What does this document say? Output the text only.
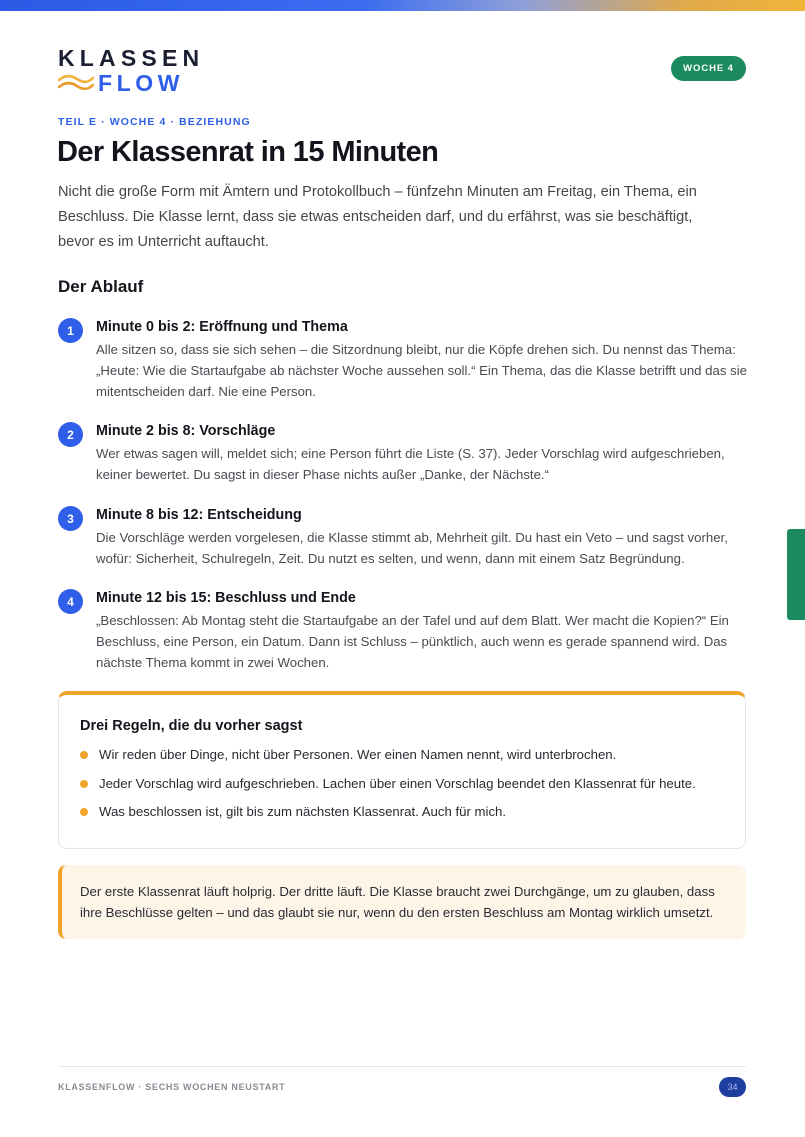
KLASSEN
FLOW
WOCHE 4
TEIL E · WOCHE 4 · BEZIEHUNG
Der Klassenrat in 15 Minuten

Nicht die große Form mit Ämtern und Protokollbuch – fünfzehn Minuten am Freitag, ein Thema, ein Beschluss. Die Klasse lernt, dass sie etwas entscheiden darf, und du erfährst, was sie beschäftigt, bevor es im Unterricht auftaucht.

Der Ablauf
1	Minute 0 bis 2: Eröffnung und Thema
Alle sitzen so, dass sie sich sehen – die Sitzordnung bleibt, nur die Köpfe drehen sich. Du nennst das Thema: „Heute: Wie die Startaufgabe ab nächster Woche aussehen soll.“ Ein Thema, das die Klasse betrifft und das sie mitentscheiden darf. Nie eine Person.
2	Minute 2 bis 8: Vorschläge
Wer etwas sagen will, meldet sich; eine Person führt die Liste (S. 37). Jeder Vorschlag wird aufgeschrieben, keiner bewertet. Du sagst in dieser Phase nichts außer „Danke, der Nächste.“
3	Minute 8 bis 12: Entscheidung
Die Vorschläge werden vorgelesen, die Klasse stimmt ab, Mehrheit gilt. Du hast ein Veto – und sagst vorher, wofür: Sicherheit, Schulregeln, Zeit. Du nutzt es selten, und wenn, dann mit einem Satz Begründung.
4	Minute 12 bis 15: Beschluss und Ende
„Beschlossen: Ab Montag steht die Startaufgabe an der Tafel und auf dem Blatt. Wer macht die Kopien?“ Ein Beschluss, eine Person, ein Datum. Dann ist Schluss – pünktlich, auch wenn es gerade spannend wird. Das nächste Thema kommt in zwei Wochen.
Drei Regeln, die du vorher sagst
Wir reden über Dinge, nicht über Personen. Wer einen Namen nennt, wird unterbrochen.
Jeder Vorschlag wird aufgeschrieben. Lachen über einen Vorschlag beendet den Klassenrat für heute.
Was beschlossen ist, gilt bis zum nächsten Klassenrat. Auch für mich.

Der erste Klassenrat läuft holprig. Der dritte läuft. Die Klasse braucht zwei Durchgänge, um zu glauben, dass ihre Beschlüsse gelten – und das glaubt sie nur, wenn du den ersten Beschluss am Montag wirklich umsetzt.

KLASSENFLOW · SECHS WOCHEN NEUSTART	34
